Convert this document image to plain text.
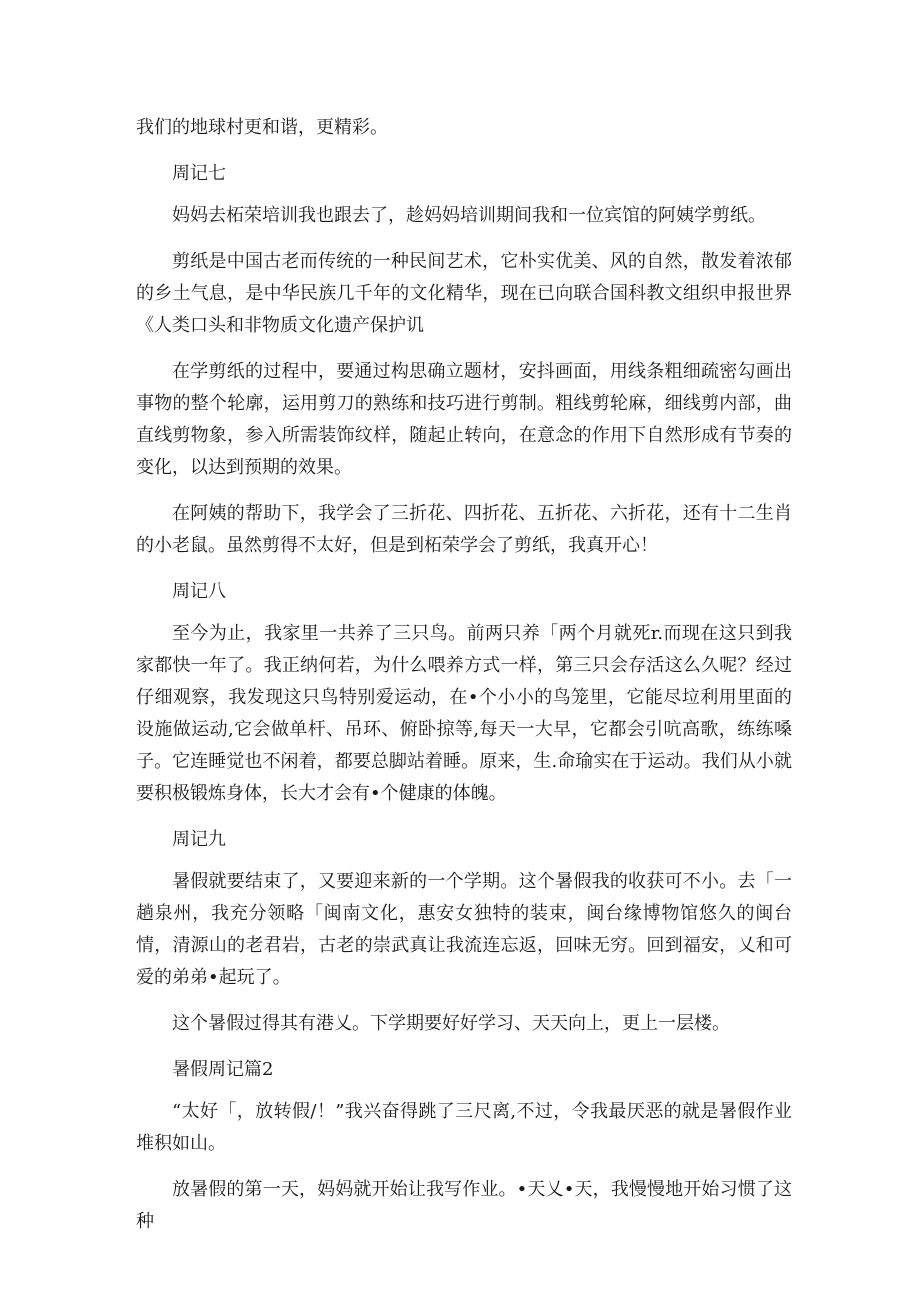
我们的地球村更和谐，更精彩。

周记七

妈妈去柘荣培训我也跟去了，趁妈妈培训期间我和一位宾馆的阿姨学剪纸。

剪纸是中国古老而传统的一种民间艺术，它朴实优美、风的自然，散发着浓郁的乡土气息，是中华民族几千年的文化精华，现在已向联合国科教文组织申报世界《人类口头和非物质文化遗产保护讥

在学剪纸的过程中，要通过构思确立题材，安抖画面，用线条粗细疏密勾画出事物的整个轮廓，运用剪刀的熟练和技巧进行剪制。粗线剪轮麻，细线剪内部，曲直线剪物象，参入所需装饰纹样，随起止转向，在意念的作用下自然形成有节奏的变化，以达到预期的效果。

在阿姨的帮助下，我学会了三折花、四折花、五折花、六折花，还有十二生肖的小老鼠。虽然剪得不太好，但是到柘荣学会了剪纸，我真开心！

周记八

至今为止，我家里一共养了三只鸟。前两只养「两个月就死r.而现在这只到我家都快一年了。我正纳何若，为什么喂养方式一样，第三只会存活这么久呢？经过仔细观察，我发现这只鸟特别爱运动，在•个小小的鸟笼里，它能尽垃利用里面的设施做运动,它会做单杆、吊环、俯卧掠等,每天一大早，它都会引吭高歌，练练嗓子。它连睡觉也不闲着，都要总脚站着睡。原来，生.命瑜实在于运动。我们从小就要积极锻炼身体，长大才会有•个健康的体魄。

周记九

暑假就要结束了，又要迎来新的一个学期。这个暑假我的收获可不小。去「一趟泉州，我充分领略「闽南文化，惠安女独特的装束，闽台缘博物馆悠久的闽台情，清源山的老君岩，古老的崇武真让我流连忘返，回味无穷。回到福安，乂和可爱的弟弟•起玩了。

这个暑假过得其有港乂。下学期要好好学习、天天向上，更上一层楼。

暑假周记篇2

“太好「，放转假/！”我兴奋得跳了三尺离,不过，令我最厌恶的就是暑假作业堆积如山。

放暑假的第一天，妈妈就开始让我写作业。•天乂•天，我慢慢地开始习惯了这种
